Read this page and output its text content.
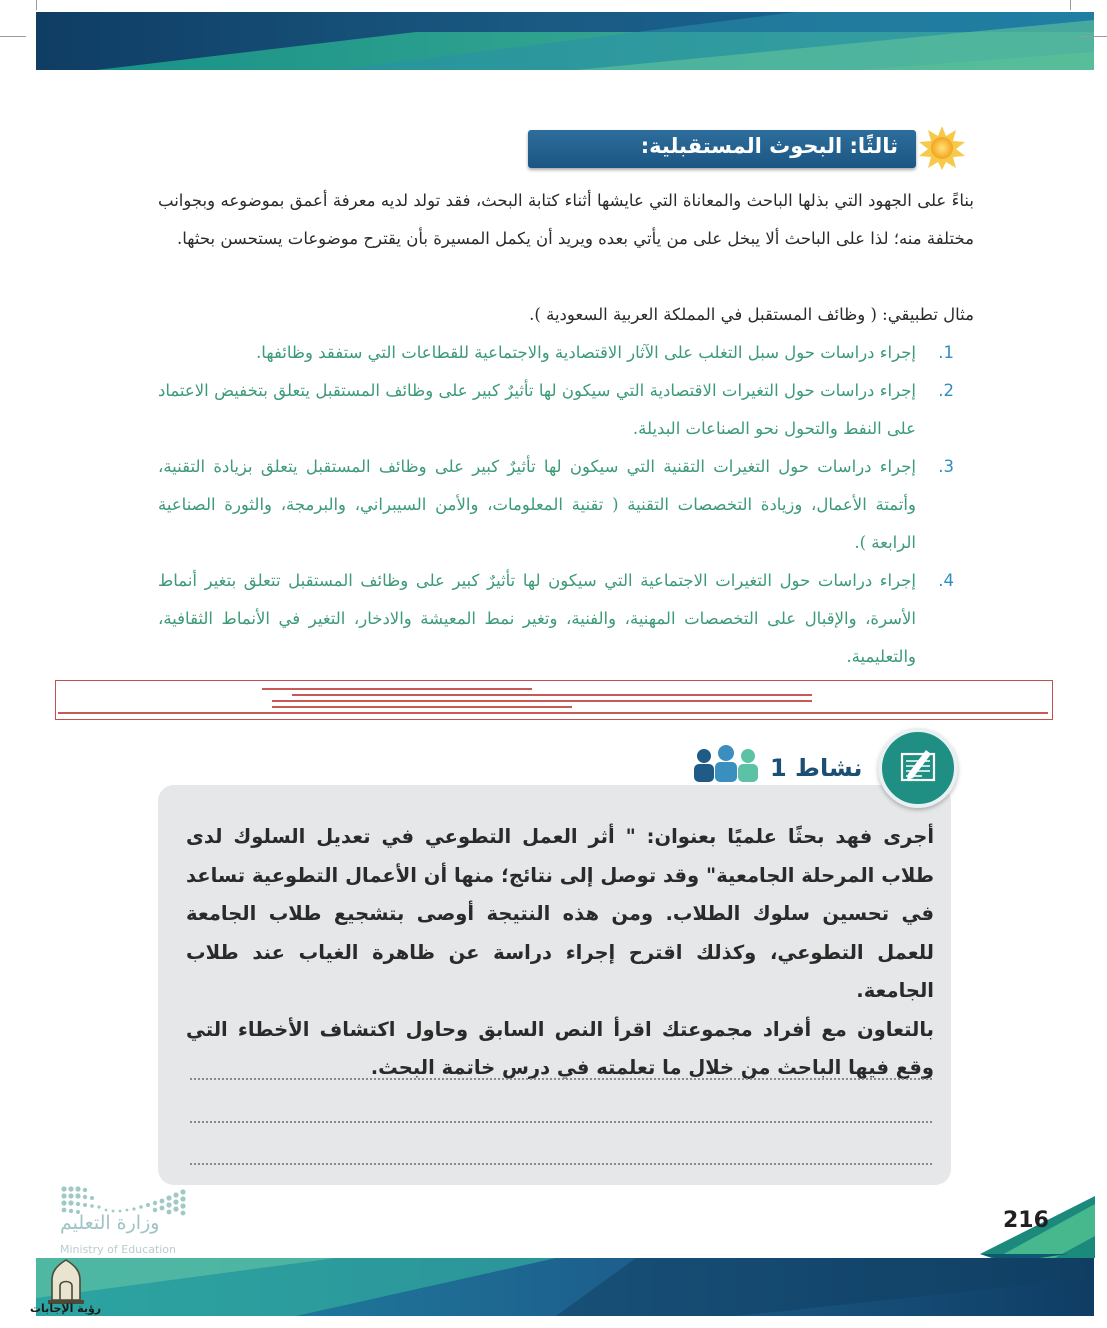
ثالثًا: البحوث المستقبلية:

بناءً على الجهود التي بذلها الباحث والمعاناة التي عايشها أثناء كتابة البحث، فقد تولد لديه معرفة أعمق بموضوعه وبجوانب مختلفة منه؛ لذا على الباحث ألا يبخل على من يأتي بعده ويريد أن يكمل المسيرة بأن يقترح موضوعات يستحسن بحثها.

مثال تطبيقي: ( وظائف المستقبل في المملكة العربية السعودية ).

1.
إجراء دراسات حول سبل التغلب على الآثار الاقتصادية والاجتماعية للقطاعات التي ستفقد وظائفها.
2.
إجراء دراسات حول التغيرات الاقتصادية التي سيكون لها تأثيرٌ كبير على وظائف المستقبل يتعلق بتخفيض الاعتماد على النفط والتحول نحو الصناعات البديلة.
3.
إجراء دراسات حول التغيرات التقنية التي سيكون لها تأثيرٌ كبير على وظائف المستقبل يتعلق بزيادة التقنية، وأتمتة الأعمال، وزيادة التخصصات التقنية ( تقنية المعلومات، والأمن السيبراني، والبرمجة، والثورة الصناعية الرابعة ).
4.
إجراء دراسات حول التغيرات الاجتماعية التي سيكون لها تأثيرٌ كبير على وظائف المستقبل تتعلق بتغير أنماط الأسرة، والإقبال على التخصصات المهنية، والفنية، وتغير نمط المعيشة والادخار، التغير في الأنماط الثقافية، والتعليمية.
نشاط 1

أجرى فهد بحثًا علميًا بعنوان: " أثر العمل التطوعي في تعديل السلوك لدى طلاب المرحلة الجامعية" وقد توصل إلى نتائج؛ منها أن الأعمال التطوعية تساعد في تحسين سلوك الطلاب. ومن هذه النتيجة أوصى بتشجيع طلاب الجامعة للعمل التطوعي، وكذلك اقترح إجراء دراسة عن ظاهرة الغياب عند طلاب الجامعة.

بالتعاون مع أفراد مجموعتك اقرأ النص السابق وحاول اكتشاف الأخطاء التي وقع فيها الباحث من خلال ما تعلمته في درس خاتمة البحث.

وزارة التعليم
Ministry of Education
216
رؤية الإجابات
